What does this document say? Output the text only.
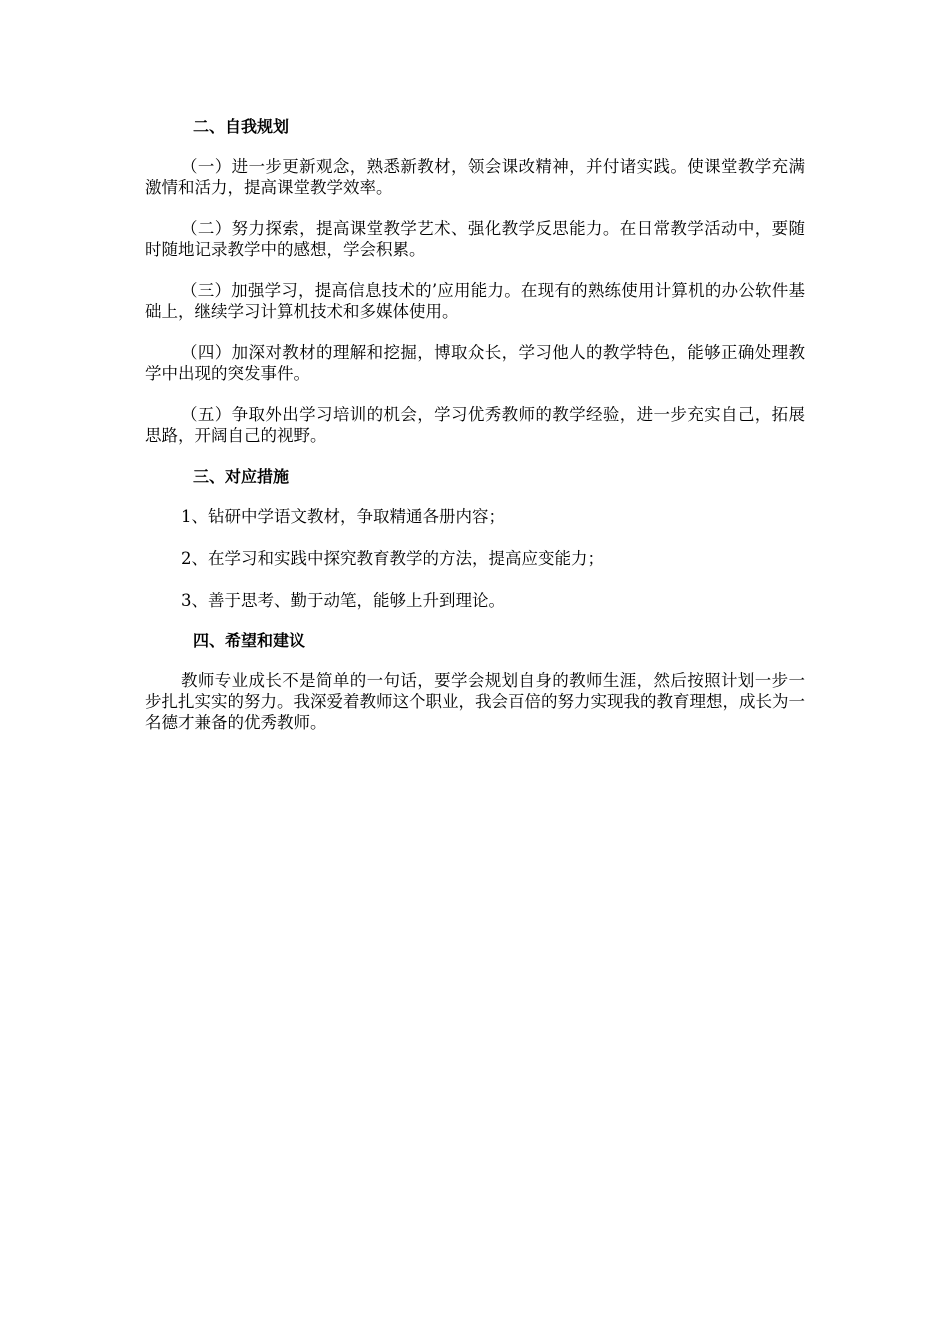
二、自我规划

（一）进一步更新观念，熟悉新教材，领会课改精神，并付诸实践。使课堂教学充满激情和活力，提高课堂教学效率。

（二）努力探索，提高课堂教学艺术、强化教学反思能力。在日常教学活动中，要随时随地记录教学中的感想，学会积累。

（三）加强学习，提高信息技术的’应用能力。在现有的熟练使用计算机的办公软件基础上，继续学习计算机技术和多媒体使用。

（四）加深对教材的理解和挖掘，博取众长，学习他人的教学特色，能够正确处理教学中出现的突发事件。

（五）争取外出学习培训的机会，学习优秀教师的教学经验，进一步充实自己，拓展思路，开阔自己的视野。

三、对应措施

1、钻研中学语文教材，争取精通各册内容；

2、在学习和实践中探究教育教学的方法，提高应变能力；

3、善于思考、勤于动笔，能够上升到理论。

四、希望和建议

教师专业成长不是简单的一句话，要学会规划自身的教师生涯，然后按照计划一步一步扎扎实实的努力。我深爱着教师这个职业，我会百倍的努力实现我的教育理想，成长为一名德才兼备的优秀教师。
